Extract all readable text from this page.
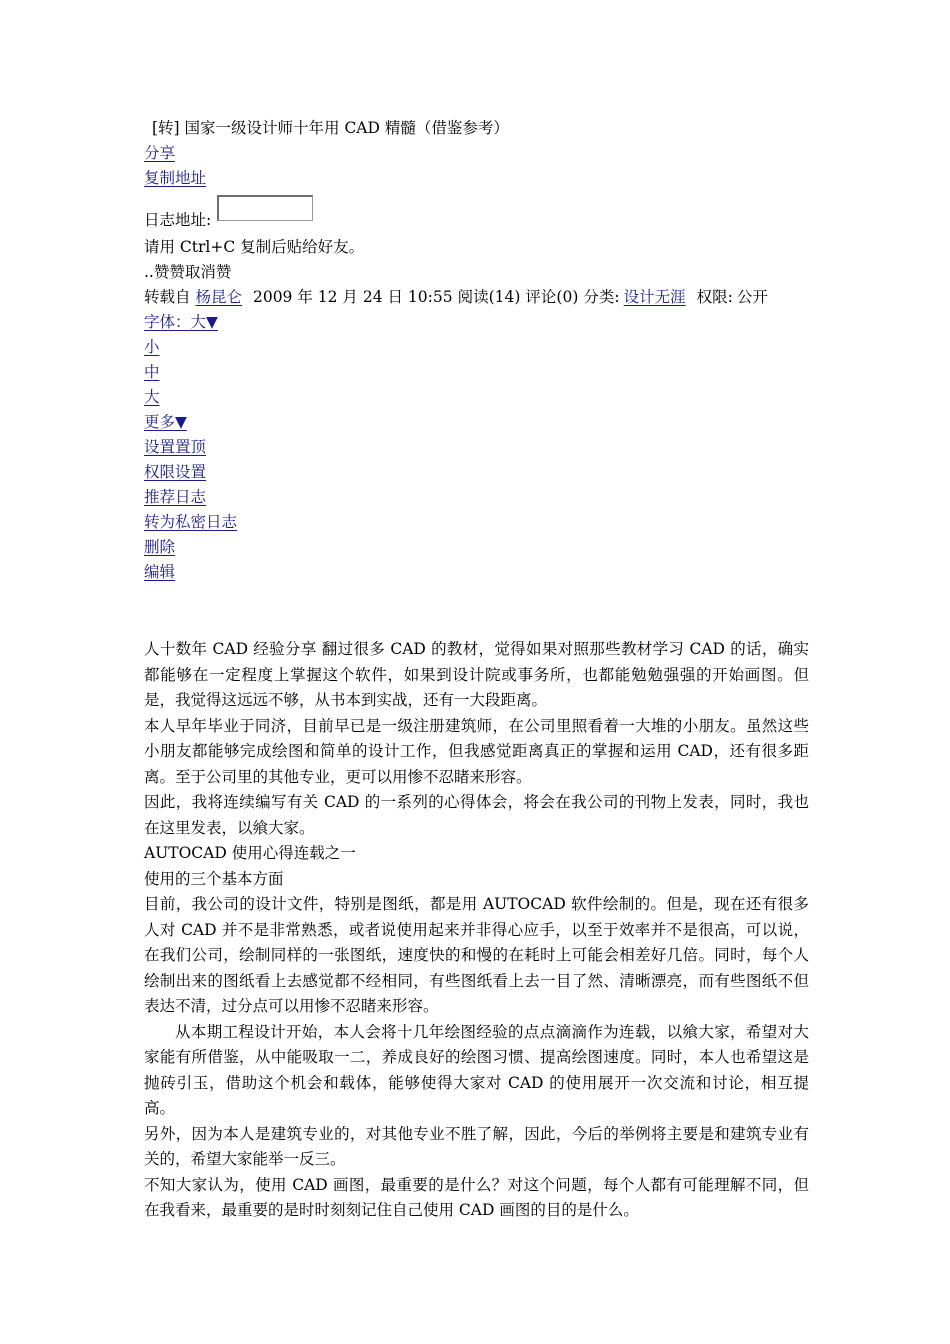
[转] 国家一级设计师十年用 CAD 精髓（借鉴参考）
分享
复制地址
日志地址:
请用 Ctrl+C 复制后贴给好友。
..赞赞取消赞
转载自 杨昆仑 2009 年 12 月 24 日 10:55 阅读(14) 评论(0) 分类: 设计无涯 权限: 公开
字体：大▼
小
中
大
更多▼
设置置顶
权限设置
推荐日志
转为私密日志
删除
编辑

人十数年 CAD 经验分享 翻过很多 CAD 的教材，觉得如果对照那些教材学习 CAD 的话，确实都能够在一定程度上掌握这个软件，如果到设计院或事务所，也都能勉勉强强的开始画图。但是，我觉得这远远不够，从书本到实战，还有一大段距离。

本人早年毕业于同济，目前早已是一级注册建筑师，在公司里照看着一大堆的小朋友。虽然这些小朋友都能够完成绘图和简单的设计工作，但我感觉距离真正的掌握和运用 CAD，还有很多距离。至于公司里的其他专业，更可以用惨不忍睹来形容。

因此，我将连续编写有关 CAD 的一系列的心得体会，将会在我公司的刊物上发表，同时，我也在这里发表，以飨大家。

AUTOCAD 使用心得连载之一

使用的三个基本方面

目前，我公司的设计文件，特别是图纸，都是用 AUTOCAD 软件绘制的。但是，现在还有很多人对 CAD 并不是非常熟悉，或者说使用起来并非得心应手，以至于效率并不是很高，可以说，在我们公司，绘制同样的一张图纸，速度快的和慢的在耗时上可能会相差好几倍。同时，每个人绘制出来的图纸看上去感觉都不经相同，有些图纸看上去一目了然、清晰漂亮，而有些图纸不但表达不清，过分点可以用惨不忍睹来形容。

从本期工程设计开始，本人会将十几年绘图经验的点点滴滴作为连载，以飨大家，希望对大家能有所借鉴，从中能吸取一二，养成良好的绘图习惯、提高绘图速度。同时，本人也希望这是抛砖引玉，借助这个机会和载体，能够使得大家对 CAD 的使用展开一次交流和讨论，相互提高。

另外，因为本人是建筑专业的，对其他专业不胜了解，因此，今后的举例将主要是和建筑专业有关的，希望大家能举一反三。

不知大家认为，使用 CAD 画图，最重要的是什么？对这个问题，每个人都有可能理解不同，但在我看来，最重要的是时时刻刻记住自己使用 CAD 画图的目的是什么。
